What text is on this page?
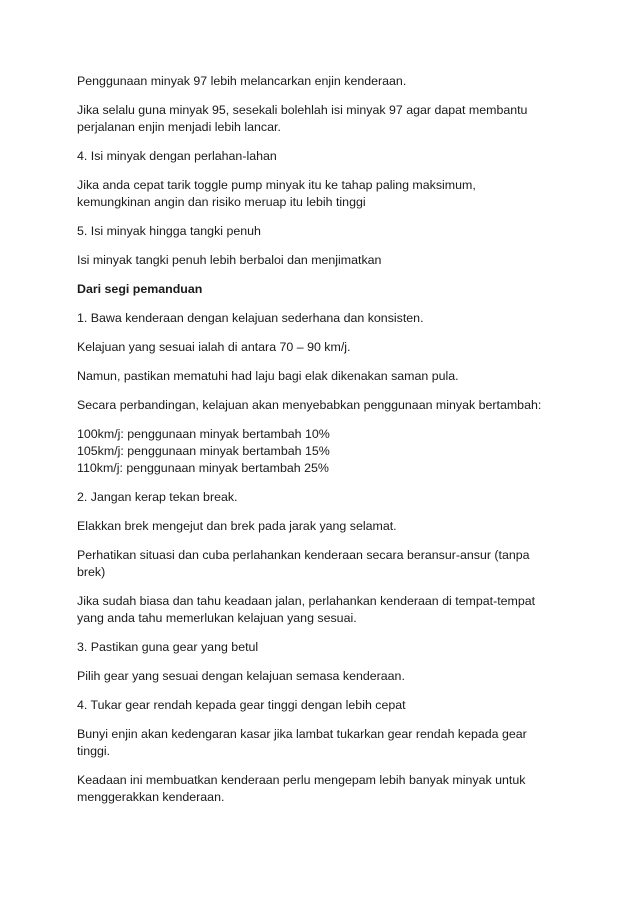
Penggunaan minyak 97 lebih melancarkan enjin kenderaan.
Jika selalu guna minyak 95, sesekali bolehlah isi minyak 97 agar dapat membantu
perjalanan enjin menjadi lebih lancar.
4. Isi minyak dengan perlahan-lahan
Jika anda cepat tarik toggle pump minyak itu ke tahap paling maksimum,
kemungkinan angin dan risiko meruap itu lebih tinggi
5. Isi minyak hingga tangki penuh
Isi minyak tangki penuh lebih berbaloi dan menjimatkan
Dari segi pemanduan
1. Bawa kenderaan dengan kelajuan sederhana dan konsisten.
Kelajuan yang sesuai ialah di antara 70 – 90 km/j.
Namun, pastikan mematuhi had laju bagi elak dikenakan saman pula.
Secara perbandingan, kelajuan akan menyebabkan penggunaan minyak bertambah:
100km/j: penggunaan minyak bertambah 10%
105km/j: penggunaan minyak bertambah 15%
110km/j: penggunaan minyak bertambah 25%
2. Jangan kerap tekan break.
Elakkan brek mengejut dan brek pada jarak yang selamat.
Perhatikan situasi dan cuba perlahankan kenderaan secara beransur-ansur (tanpa
brek)
Jika sudah biasa dan tahu keadaan jalan, perlahankan kenderaan di tempat-tempat
yang anda tahu memerlukan kelajuan yang sesuai.
3. Pastikan guna gear yang betul
Pilih gear yang sesuai dengan kelajuan semasa kenderaan.
4. Tukar gear rendah kepada gear tinggi dengan lebih cepat
Bunyi enjin akan kedengaran kasar jika lambat tukarkan gear rendah kepada gear
tinggi.
Keadaan ini membuatkan kenderaan perlu mengepam lebih banyak minyak untuk
menggerakkan kenderaan.
